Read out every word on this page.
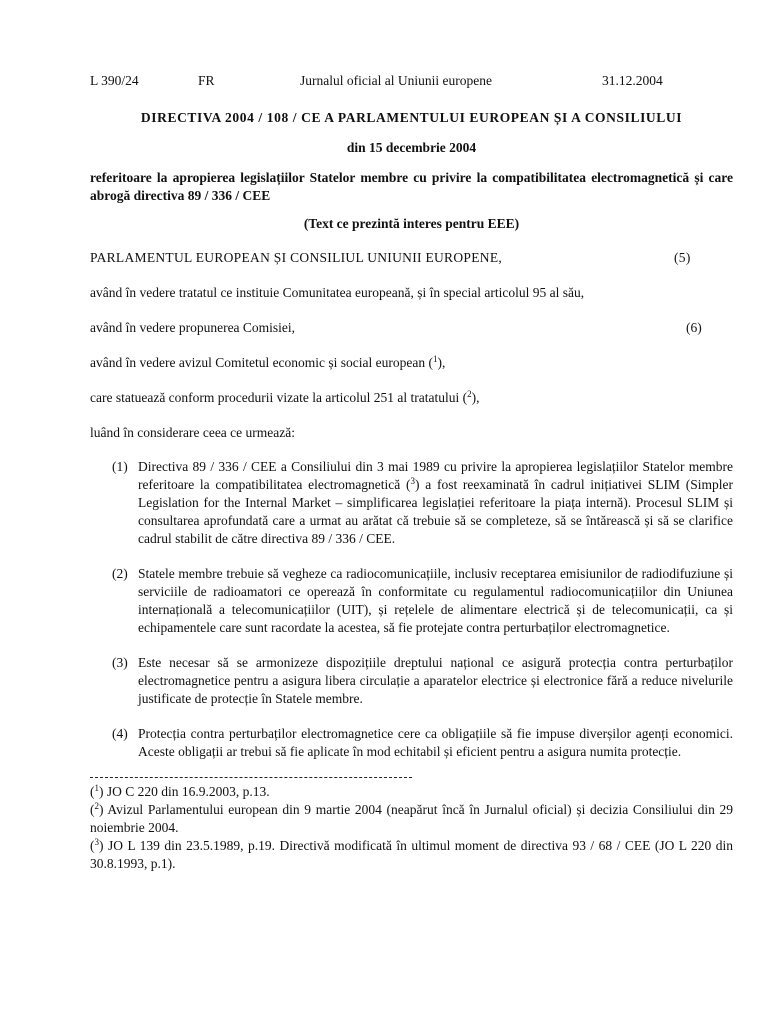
L 390/24	FR	Jurnalul oficial al Uniunii europene	31.12.2004
DIRECTIVA 2004 / 108 / CE A PARLAMENTULUI EUROPEAN ȘI A CONSILIULUI
din 15 decembrie 2004
referitoare la apropierea legislațiilor Statelor membre cu privire la compatibilitatea electromagnetică și care abrogă directiva 89 / 336 / CEE
(Text ce prezintă interes pentru EEE)
PARLAMENTUL EUROPEAN ȘI CONSILIUL UNIUNII EUROPENE,	(5)
având în vedere tratatul ce instituie Comunitatea europeană, și în special articolul 95 al său,
având în vedere propunerea Comisiei,	(6)
având în vedere avizul Comitetul economic și social european ($^1$),
care statuează conform procedurii vizate la articolul 251 al tratatului ($^2$),
luând în considerare ceea ce urmează:
(1) Directiva 89 / 336 / CEE a Consiliului din 3 mai 1989 cu privire la apropierea legislațiilor Statelor membre referitoare la compatibilitatea electromagnetică ($^3$) a fost reexaminată în cadrul inițiativei SLIM (Simpler Legislation for the Internal Market – simplificarea legislației referitoare la piața internă). Procesul SLIM și consultarea aprofundată care a urmat au arătat că trebuie să se completeze, să se întărească și să se clarifice cadrul stabilit de către directiva 89 / 336 / CEE.
(2) Statele membre trebuie să vegheze ca radiocomunicațiile, inclusiv receptarea emisiunilor de radiodifuziune și serviciile de radioamatori ce operează în conformitate cu regulamentul radiocomunicațiilor din Uniunea internațională a telecomunicațiilor (UIT), și rețelele de alimentare electrică și de telecomunicații, ca și echipamentele care sunt racordate la acestea, să fie protejate contra perturbaților electromagnetice.
(3) Este necesar să se armonizeze dispozițiile dreptului național ce asigură protecția contra perturbaților electromagnetice pentru a asigura libera circulație a aparatelor electrice și electronice fără a reduce nivelurile justificate de protecție în Statele membre.
(4) Protecția contra perturbaților electromagnetice cere ca obligațiile să fie impuse diverșilor agenți economici. Aceste obligații ar trebui să fie aplicate în mod echitabil și eficient pentru a asigura numita protecție.
($^1$) JO C 220 din 16.9.2003, p.13.
($^2$) Avizul Parlamentului european din 9 martie 2004 (neapărut încă în Jurnalul oficial) și decizia Consiliului din 29 noiembrie 2004.
($^3$) JO L 139 din 23.5.1989, p.19. Directivă modificată în ultimul moment de directiva 93 / 68 / CEE (JO L 220 din 30.8.1993, p.1).
